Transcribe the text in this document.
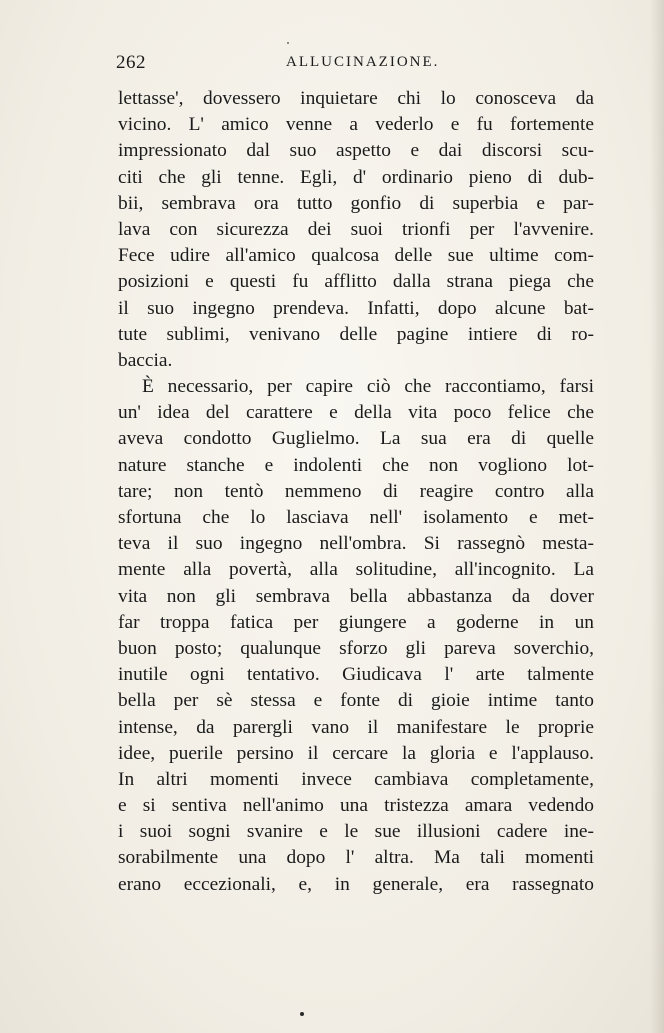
262	ALLUCINAZIONE.
lettasse', dovessero inquietare chi lo conosceva da
vicino. L' amico venne a vederlo e fu fortemente
impressionato dal suo aspetto e dai discorsi scu-
citi che gli tenne. Egli, d' ordinario pieno di dub-
bii, sembrava ora tutto gonfio di superbia e par-
lava con sicurezza dei suoi trionfi per l'avvenire.
Fece udire all'amico qualcosa delle sue ultime com-
posizioni e questi fu afflitto dalla strana piega che
il suo ingegno prendeva. Infatti, dopo alcune bat-
tute sublimi, venivano delle pagine intiere di ro-
baccia.
È necessario, per capire ciò che raccontiamo, farsi
un' idea del carattere e della vita poco felice che
aveva condotto Guglielmo. La sua era di quelle
nature stanche e indolenti che non vogliono lot-
tare; non tentò nemmeno di reagire contro alla
sfortuna che lo lasciava nell' isolamento e met-
teva il suo ingegno nell'ombra. Si rassegnò mesta-
mente alla povertà, alla solitudine, all'incognito. La
vita non gli sembrava bella abbastanza da dover
far troppa fatica per giungere a goderne in un
buon posto; qualunque sforzo gli pareva soverchio,
inutile ogni tentativo. Giudicava l' arte talmente
bella per sè stessa e fonte di gioie intime tanto
intense, da parergli vano il manifestare le proprie
idee, puerile persino il cercare la gloria e l'applauso.
In altri momenti invece cambiava completamente,
e si sentiva nell'animo una tristezza amara vedendo
i suoi sogni svanire e le sue illusioni cadere ine-
sorabilmente una dopo l' altra. Ma tali momenti
erano eccezionali, e, in generale, era rassegnato
